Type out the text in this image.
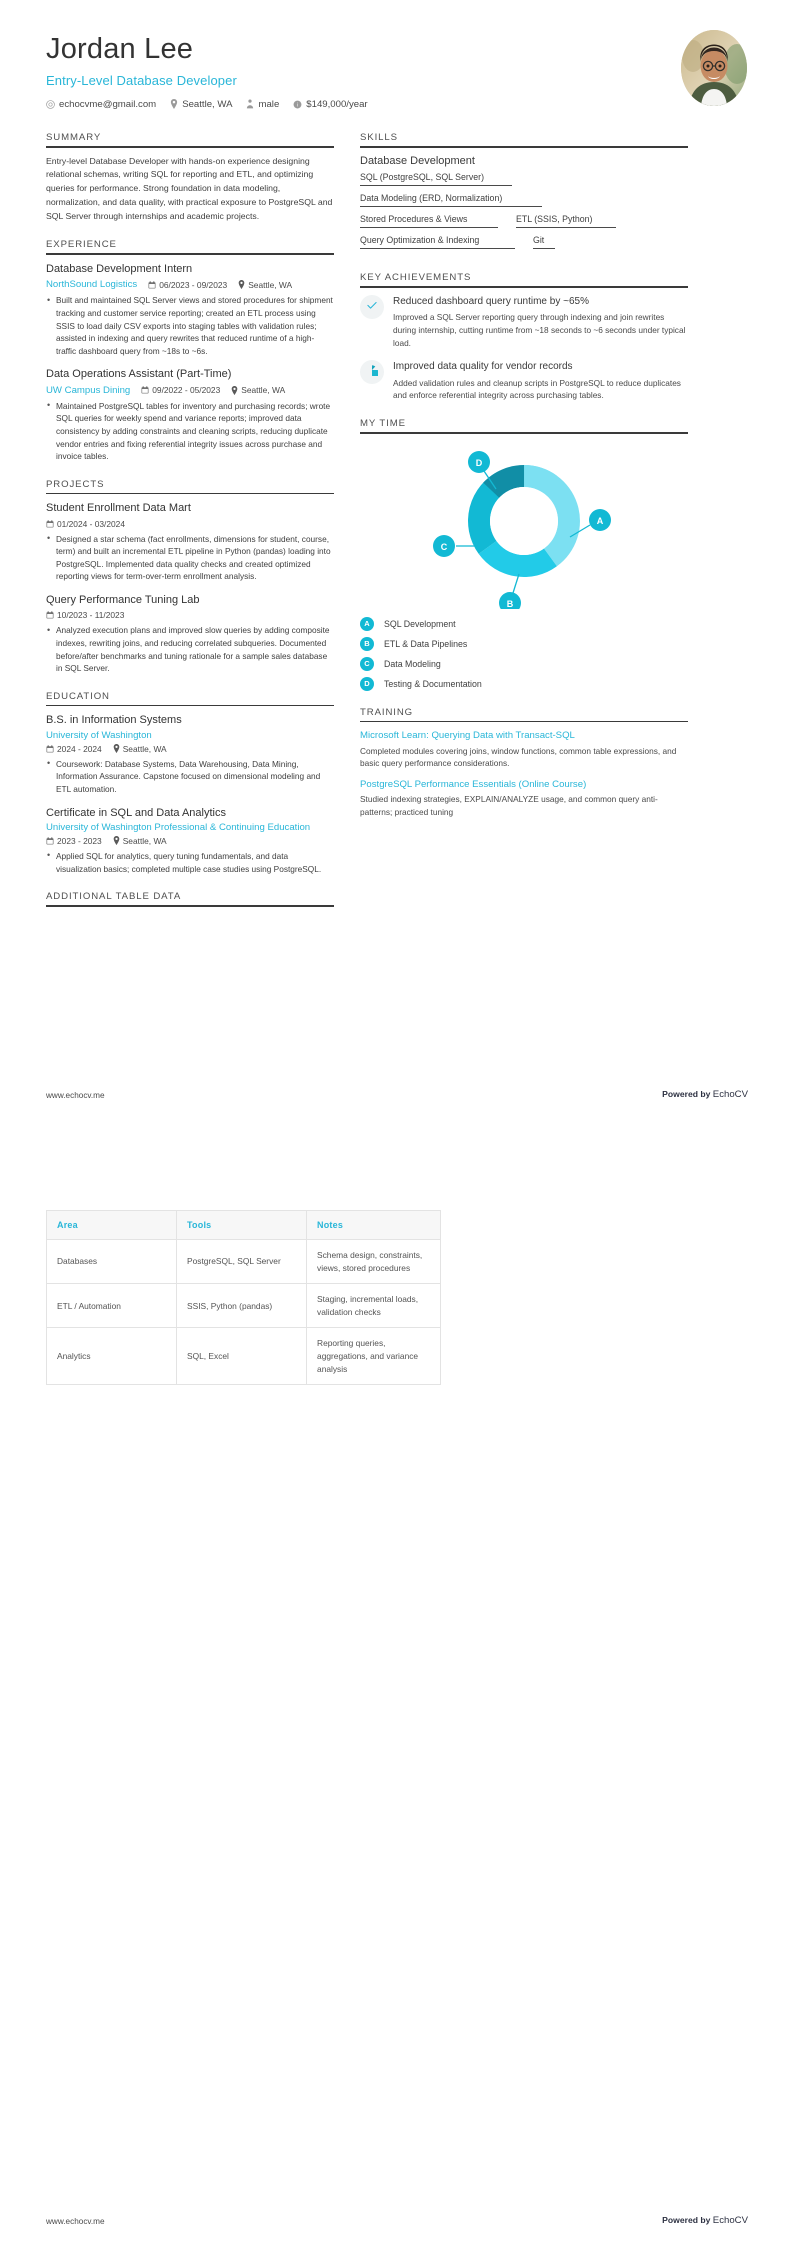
Jordan Lee
Entry-Level Database Developer
echocvme@gmail.com	Seattle, WA	male i $149,000/year
SUMMARY
Entry-level Database Developer with hands-on experience designing relational schemas, writing SQL for reporting and ETL, and optimizing queries for performance. Strong foundation in data modeling, normalization, and data quality, with practical exposure to PostgreSQL and SQL Server through internships and academic projects.
EXPERIENCE
Database Development Intern
NorthSound Logistics	06/2023 - 09/2023	Seattle, WA
• Built and maintained SQL Server views and stored procedures for shipment tracking and customer service reporting; created an ETL process using SSIS to load daily CSV exports into staging tables with validation rules; assisted in indexing and query rewrites that reduced runtime of a high-traffic dashboard query from ~18s to ~6s.
Data Operations Assistant (Part-Time)
UW Campus Dining	09/2022 - 05/2023	Seattle, WA
• Maintained PostgreSQL tables for inventory and purchasing records; wrote SQL queries for weekly spend and variance reports; improved data consistency by adding constraints and cleaning scripts, reducing duplicate vendor entries and fixing referential integrity issues across purchase and invoice tables.
PROJECTS
Student Enrollment Data Mart
01/2024 - 03/2024
• Designed a star schema (fact enrollments, dimensions for student, course, term) and built an incremental ETL pipeline in Python (pandas) loading into PostgreSQL. Implemented data quality checks and created optimized reporting views for term-over-term enrollment analysis.
Query Performance Tuning Lab
10/2023 - 11/2023
• Analyzed execution plans and improved slow queries by adding composite indexes, rewriting joins, and reducing correlated subqueries. Documented before/after benchmarks and tuning rationale for a sample sales database in SQL Server.
EDUCATION
B.S. in Information Systems
University of Washington
2024 - 2024	Seattle, WA
• Coursework: Database Systems, Data Warehousing, Data Mining, Information Assurance. Capstone focused on dimensional modeling and ETL automation.
Certificate in SQL and Data Analytics
University of Washington Professional & Continuing Education
2023 - 2023	Seattle, WA
• Applied SQL for analytics, query tuning fundamentals, and data visualization basics; completed multiple case studies using PostgreSQL.
ADDITIONAL TABLE DATA
SKILLS
Database Development
SQL (PostgreSQL, SQL Server)
Data Modeling (ERD, Normalization)
Stored Procedures & Views	ETL (SSIS, Python)
Query Optimization & Indexing	Git
KEY ACHIEVEMENTS
Reduced dashboard query runtime by ~65%
Improved a SQL Server reporting query through indexing and join rewrites during internship, cutting runtime from ~18 seconds to ~6 seconds under typical load.
Improved data quality for vendor records
Added validation rules and cleanup scripts in PostgreSQL to reduce duplicates and enforce referential integrity across purchasing tables.
MY TIME
A
B
C
D
A	SQL Development
B	ETL & Data Pipelines
C	Data Modeling
D	Testing & Documentation
TRAINING
Microsoft Learn: Querying Data with Transact-SQL
Completed modules covering joins, window functions, common table expressions, and basic query performance considerations.
PostgreSQL Performance Essentials (Online Course)
Studied indexing strategies, EXPLAIN/ANALYZE usage, and common query anti-patterns; practiced tuning
www.echocv.me	Powered by EchoCV
Area	Tools	Notes
Databases	PostgreSQL, SQL Server	Schema design, constraints, views, stored procedures
ETL / Automation	SSIS, Python (pandas)	Staging, incremental loads, validation checks
Analytics	SQL, Excel	Reporting queries, aggregations, and variance analysis
www.echocv.me	Powered by EchoCV
